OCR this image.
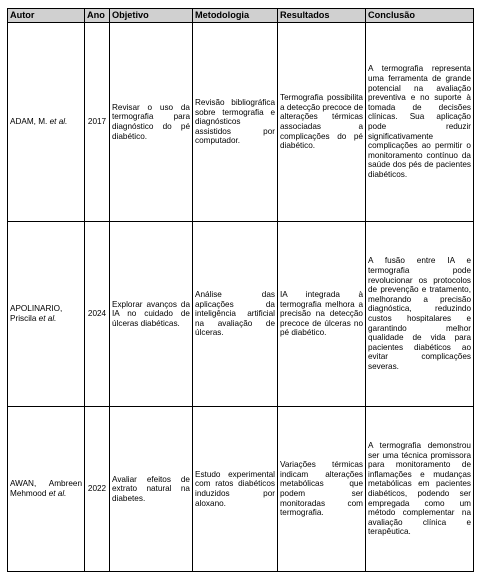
Autor	Ano	Objetivo	Metodologia	Resultados	Conclusão
ADAM, M. et al.	2017	Revisar o uso da termografia para diagnóstico do pé diabético.	Revisão bibliográfica sobre termografia e diagnósticos assistidos por computador.	Termografia possibilita a detecção precoce de alterações térmicas associadas a complicações do pé diabético.	A termografia representa uma ferramenta de grande potencial na avaliação preventiva e no suporte à tomada de decisões clínicas. Sua aplicação pode reduzir significativamente complicações ao permitir o monitoramento contínuo da saúde dos pés de pacientes diabéticos.
APOLINARIO, Priscila et al.	2024	Explorar avanços da IA no cuidado de úlceras diabéticas.	Análise das aplicações da inteligência artificial na avaliação de úlceras.	IA integrada à termografia melhora a precisão na detecção precoce de úlceras no pé diabético.	A fusão entre IA e termografia pode revolucionar os protocolos de prevenção e tratamento, melhorando a precisão diagnóstica, reduzindo custos hospitalares e garantindo melhor qualidade de vida para pacientes diabéticos ao evitar complicações severas.
AWAN, Ambreen Mehmood et al.	2022	Avaliar efeitos de extrato natural na diabetes.	Estudo experimental com ratos diabéticos induzidos por aloxano.	Variações térmicas indicam alterações metabólicas que podem ser monitoradas com termografia.	A termografia demonstrou ser uma técnica promissora para monitoramento de inflamações e mudanças metabólicas em pacientes diabéticos, podendo ser empregada como um método complementar na avaliação clínica e terapêutica.
